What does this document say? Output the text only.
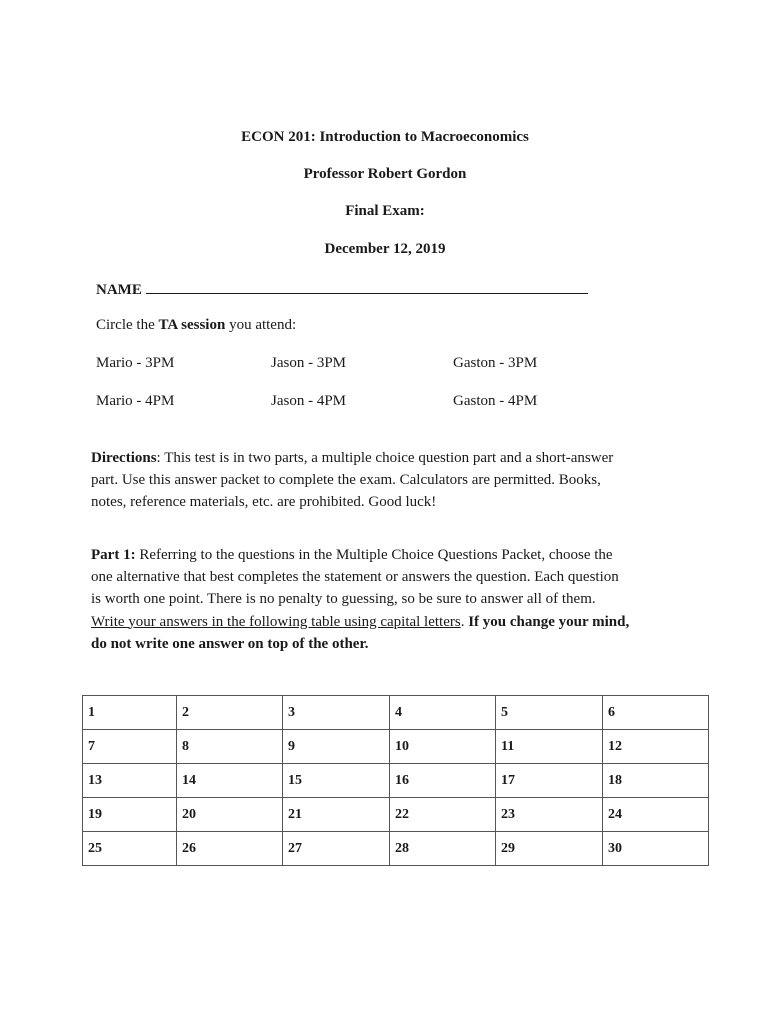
ECON 201: Introduction to Macroeconomics
Professor Robert Gordon
Final Exam:
December 12, 2019
NAME
Circle the TA session you attend:
Mario - 3PM	Jason - 3PM	Gaston - 3PM
Mario - 4PM	Jason - 4PM	Gaston - 4PM
Directions: This test is in two parts, a multiple choice question part and a short-answer
part. Use this answer packet to complete the exam. Calculators are permitted. Books,
notes, reference materials, etc. are prohibited. Good luck!
Part 1: Referring to the questions in the Multiple Choice Questions Packet, choose the
one alternative that best completes the statement or answers the question. Each question
is worth one point. There is no penalty to guessing, so be sure to answer all of them.
Write your answers in the following table using capital letters. If you change your mind,
do not write one answer on top of the other.
1	2	3	4	5	6
7	8	9	10	11	12
13	14	15	16	17	18
19	20	21	22	23	24
25	26	27	28	29	30
